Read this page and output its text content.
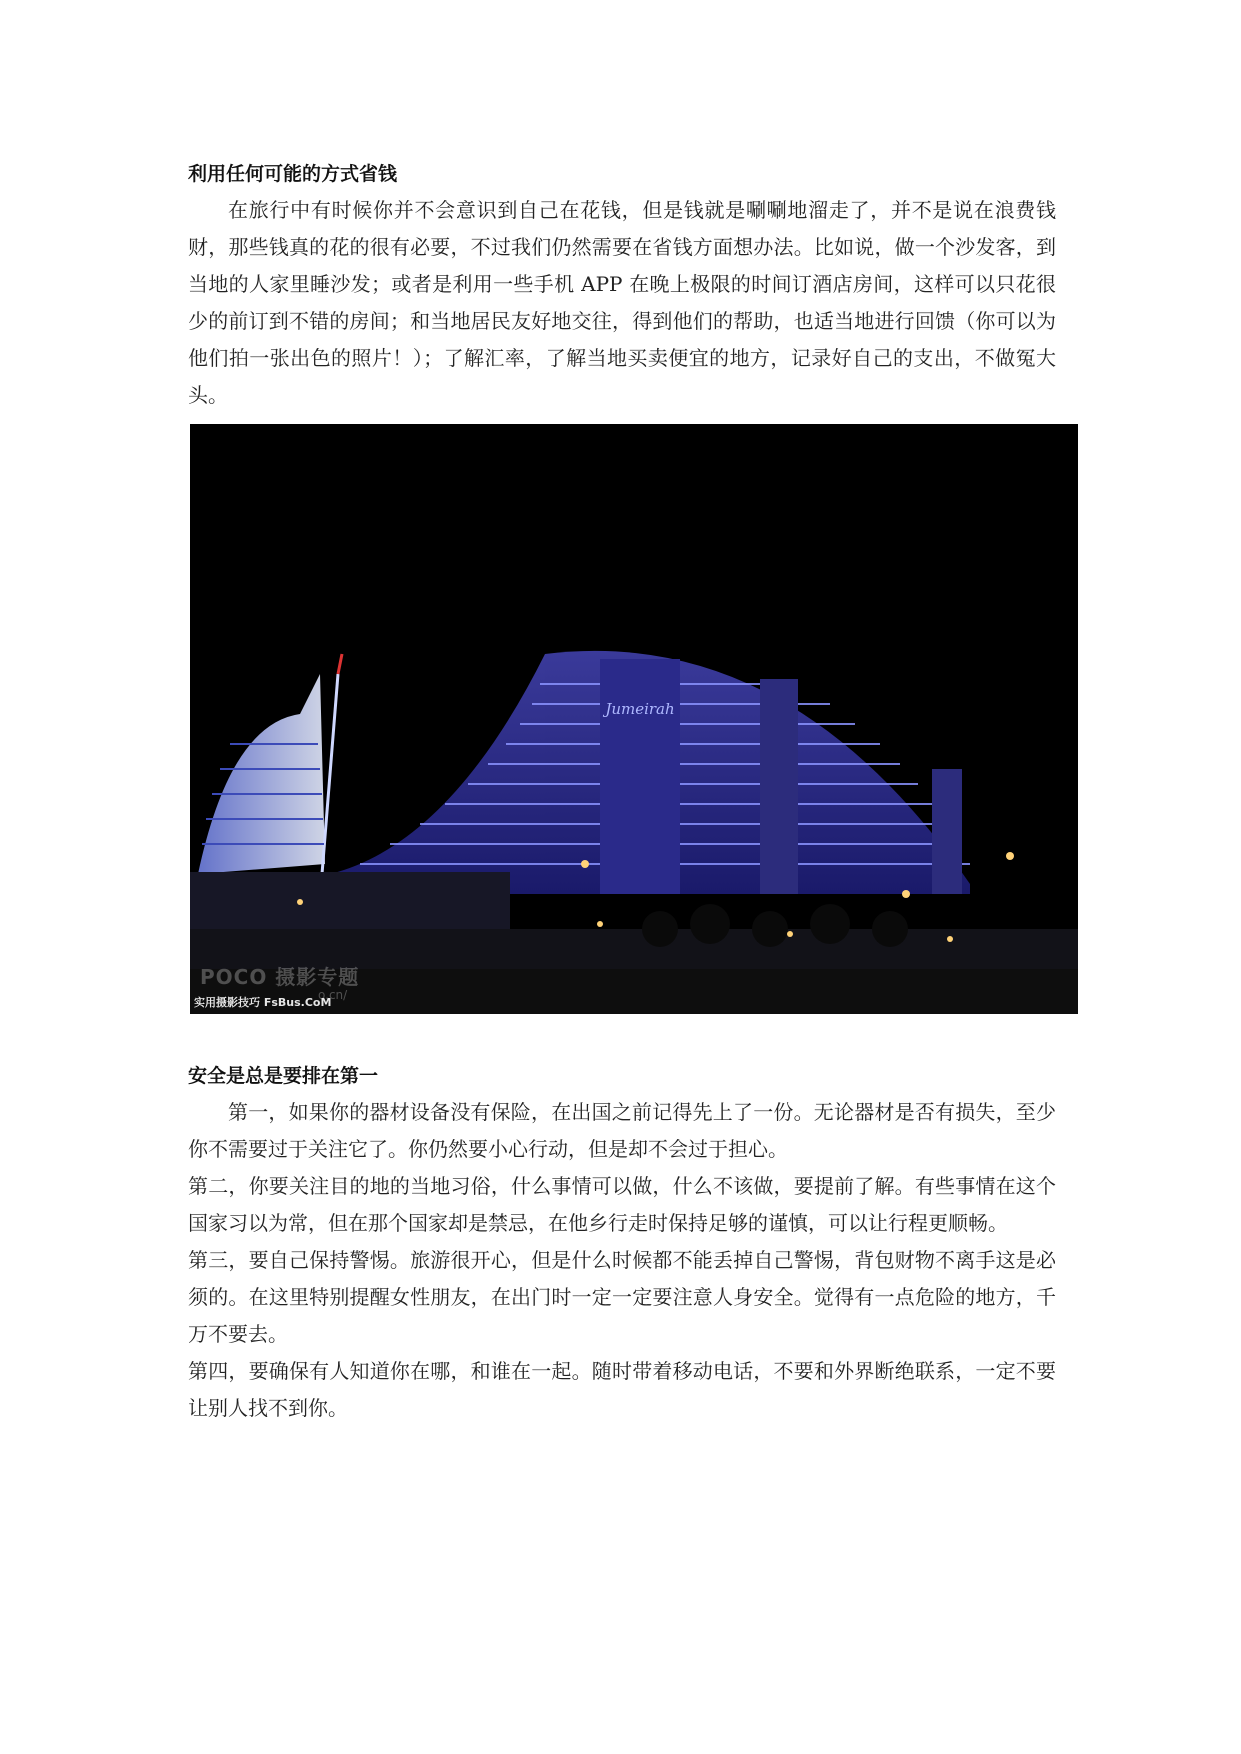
利用任何可能的方式省钱

在旅行中有时候你并不会意识到自己在花钱，但是钱就是唰唰地溜走了，并不是说在浪费钱财，那些钱真的花的很有必要，不过我们仍然需要在省钱方面想办法。比如说，做一个沙发客，到当地的人家里睡沙发；或者是利用一些手机 APP 在晚上极限的时间订酒店房间，这样可以只花很少的前订到不错的房间；和当地居民友好地交往，得到他们的帮助，也适当地进行回馈（你可以为他们拍一张出色的照片！）；了解汇率，了解当地买卖便宜的地方，记录好自己的支出，不做冤大头。

Jumeirah
POCO 摄影专题
o.cn/
实用摄影技巧 FsBus.CoM
安全是总是要排在第一

第一，如果你的器材设备没有保险，在出国之前记得先上了一份。无论器材是否有损失，至少你不需要过于关注它了。你仍然要小心行动，但是却不会过于担心。

第二，你要关注目的地的当地习俗，什么事情可以做，什么不该做，要提前了解。有些事情在这个国家习以为常，但在那个国家却是禁忌，在他乡行走时保持足够的谨慎，可以让行程更顺畅。

第三，要自己保持警惕。旅游很开心，但是什么时候都不能丢掉自己警惕，背包财物不离手这是必须的。在这里特别提醒女性朋友，在出门时一定一定要注意人身安全。觉得有一点危险的地方，千万不要去。

第四，要确保有人知道你在哪，和谁在一起。随时带着移动电话，不要和外界断绝联系，一定不要让别人找不到你。
